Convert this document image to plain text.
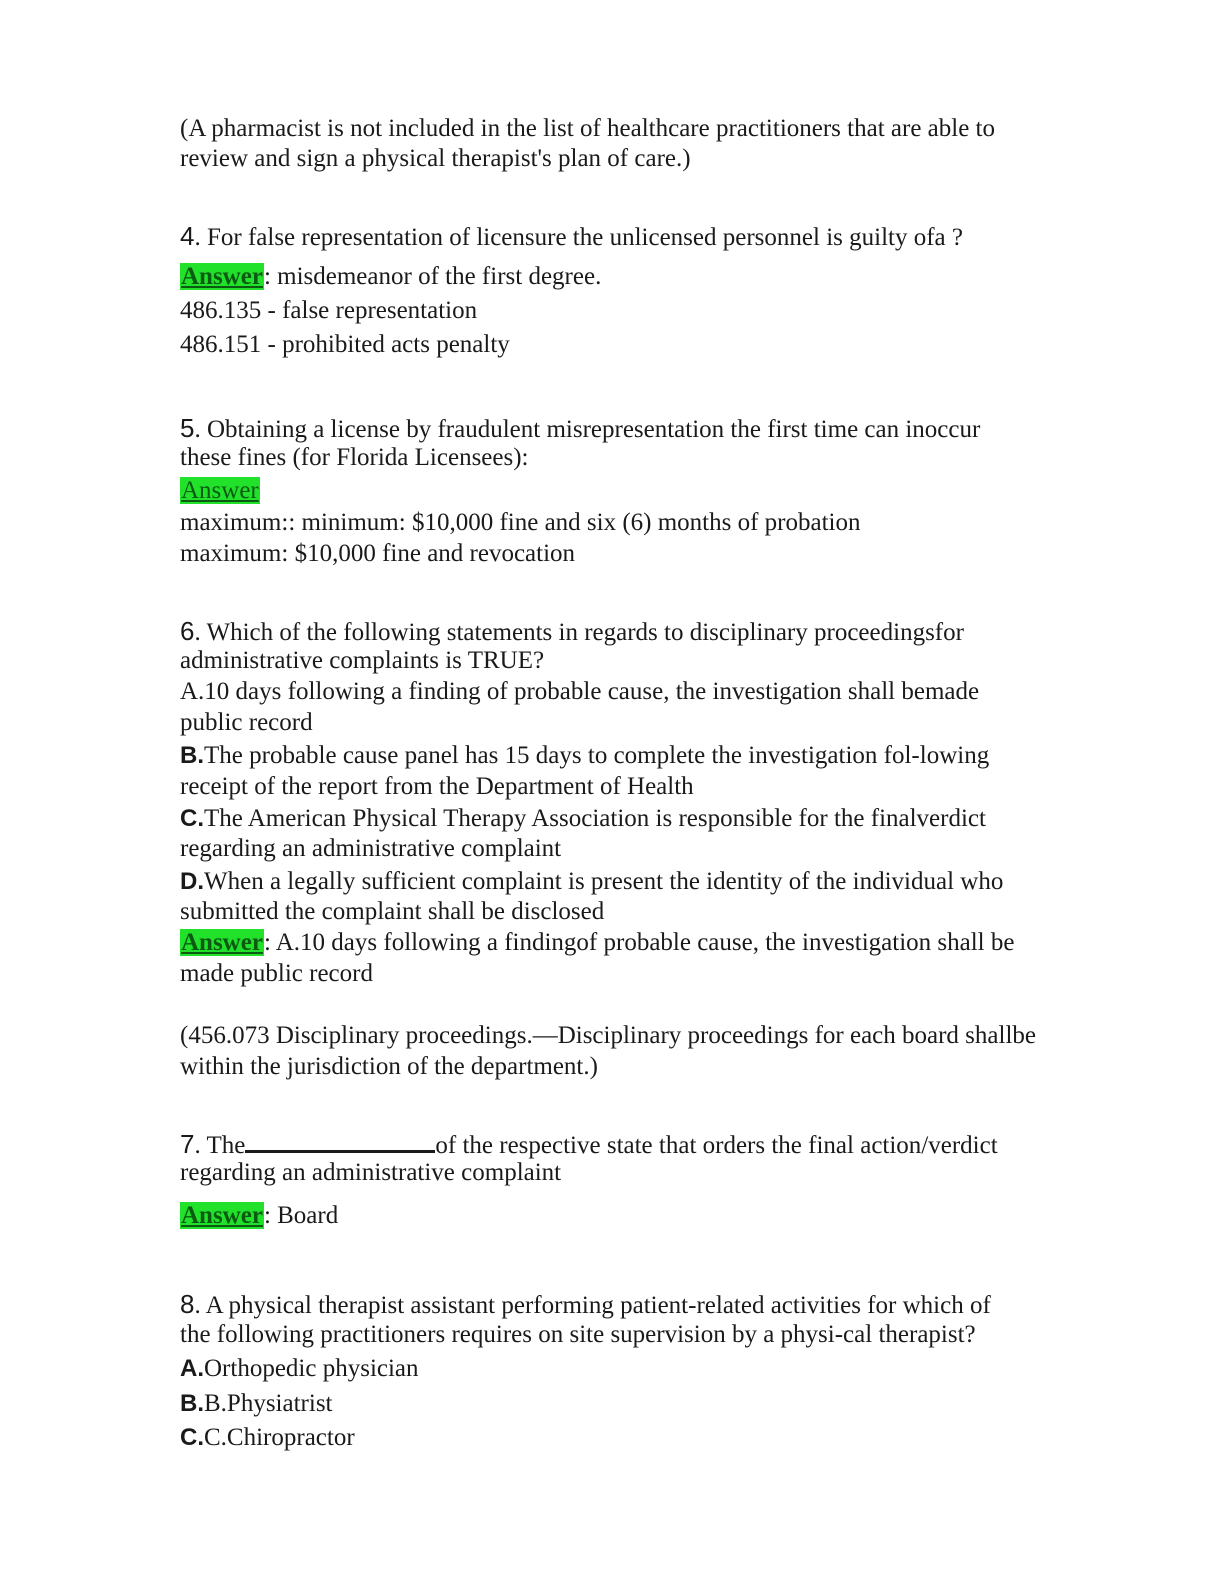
(A pharmacist is not included in the list of healthcare practitioners that are able to
review and sign a physical therapist's plan of care.)
4. For false representation of licensure the unlicensed personnel is guilty ofa ?
Answer: misdemeanor of the first degree.
486.135 - false representation
486.151 - prohibited acts penalty
5. Obtaining a license by fraudulent misrepresentation the first time can inoccur
these fines (for Florida Licensees):
Answer
maximum:: minimum: $10,000 fine and six (6) months of probation
maximum: $10,000 fine and revocation
6. Which of the following statements in regards to disciplinary proceedingsfor
administrative complaints is TRUE?
A.10 days following a finding of probable cause, the investigation shall bemade
public record
B.The probable cause panel has 15 days to complete the investigation fol-lowing
receipt of the report from the Department of Health
C.The American Physical Therapy Association is responsible for the finalverdict
regarding an administrative complaint
D.When a legally sufficient complaint is present the identity of the individual who
submitted the complaint shall be disclosed
Answer: A.10 days following a findingof probable cause, the investigation shall be
made public record
(456.073 Disciplinary proceedings.—Disciplinary proceedings for each board shallbe
within the jurisdiction of the department.)
7. The	of the respective state that orders the final action/verdict
regarding an administrative complaint
Answer: Board
8. A physical therapist assistant performing patient-related activities for which of
the following practitioners requires on site supervision by a physi-cal therapist?
A.Orthopedic physician
B.B.Physiatrist
C.C.Chiropractor
